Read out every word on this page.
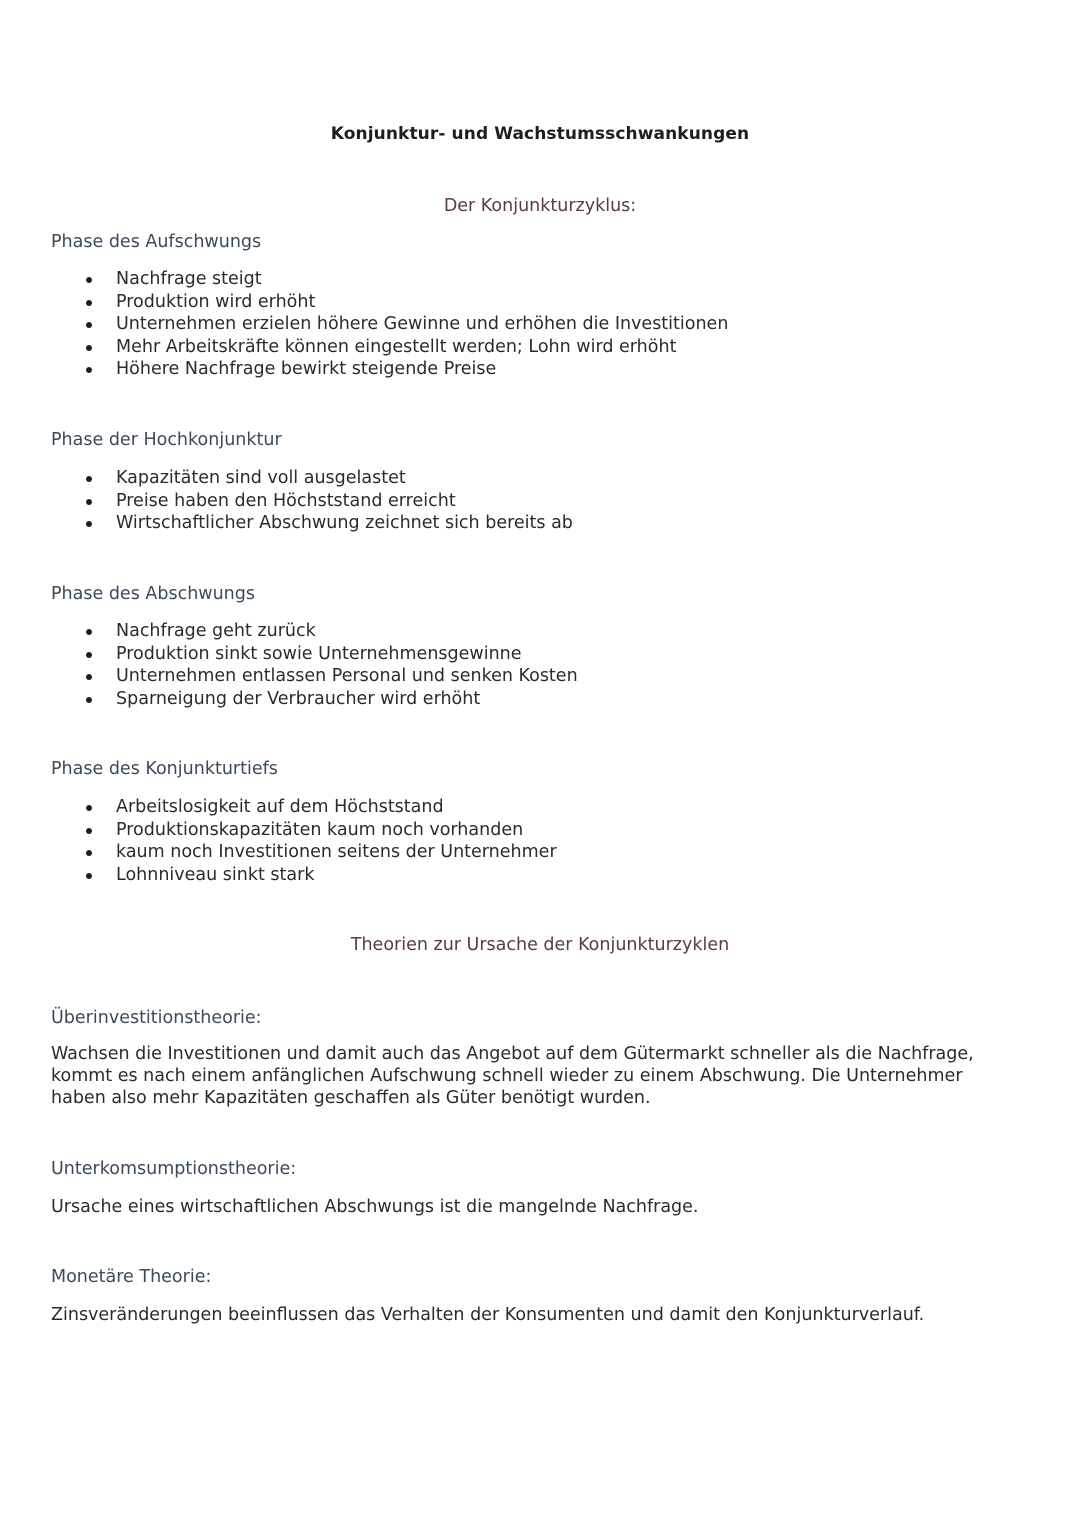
Konjunktur- und Wachstumsschwankungen
Der Konjunkturzyklus:
Phase des Aufschwungs
Nachfrage steigt
Produktion wird erhöht
Unternehmen erzielen höhere Gewinne und erhöhen die Investitionen
Mehr Arbeitskräfte können eingestellt werden; Lohn wird erhöht
Höhere Nachfrage bewirkt steigende Preise
Phase der Hochkonjunktur
Kapazitäten sind voll ausgelastet
Preise haben den Höchststand erreicht
Wirtschaftlicher Abschwung zeichnet sich bereits ab
Phase des Abschwungs
Nachfrage geht zurück
Produktion sinkt sowie Unternehmensgewinne
Unternehmen entlassen Personal und senken Kosten
Sparneigung der Verbraucher wird erhöht
Phase des Konjunkturtiefs
Arbeitslosigkeit auf dem Höchststand
Produktionskapazitäten kaum noch vorhanden
kaum noch Investitionen seitens der Unternehmer
Lohnniveau sinkt stark
Theorien zur Ursache der Konjunkturzyklen
Überinvestitionstheorie:
Wachsen die Investitionen und damit auch das Angebot auf dem Gütermarkt schneller als die Nachfrage, kommt es nach einem anfänglichen Aufschwung schnell wieder zu einem Abschwung. Die Unternehmer haben also mehr Kapazitäten geschaffen als Güter benötigt wurden.
Unterkomsumptionstheorie:
Ursache eines wirtschaftlichen Abschwungs ist die mangelnde Nachfrage.
Monetäre Theorie:
Zinsveränderungen beeinflussen das Verhalten der Konsumenten und damit den Konjunkturverlauf.
